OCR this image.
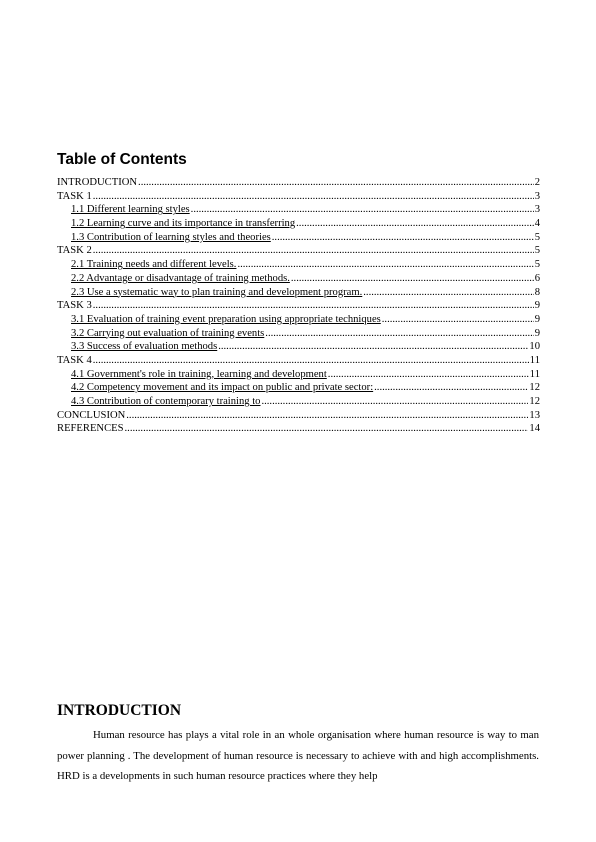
Table of Contents
INTRODUCTION .....	2
TASK 1 .....	3
1.1 Different learning styles .....	3
1.2 Learning curve and its importance in transferring .....	4
1.3 Contribution of learning styles and theories .....	5
TASK 2 .....	5
2.1 Training needs and different levels. .....	5
2.2 Advantage or disadvantage of training methods. .....	6
2.3 Use a systematic way to plan training and development program. .....	8
TASK 3 .....	9
3.1 Evaluation of training event preparation using appropriate techniques .....	9
3.2 Carrying out evaluation of training events .....	9
3.3 Success of evaluation methods .....	10
TASK 4 .....	11
4.1 Government's role in training, learning and development .....	11
4.2 Competency movement and its impact on public and private sector: .....	12
4.3 Contribution of contemporary training to .....	12
CONCLUSION .....	13
REFERENCES .....	14
INTRODUCTION

Human resource has plays a vital role in an whole organisation where human resource is way to man power planning . The development of human resource is necessary to achieve with and high accomplishments. HRD is a developments in such human resource practices where they help
